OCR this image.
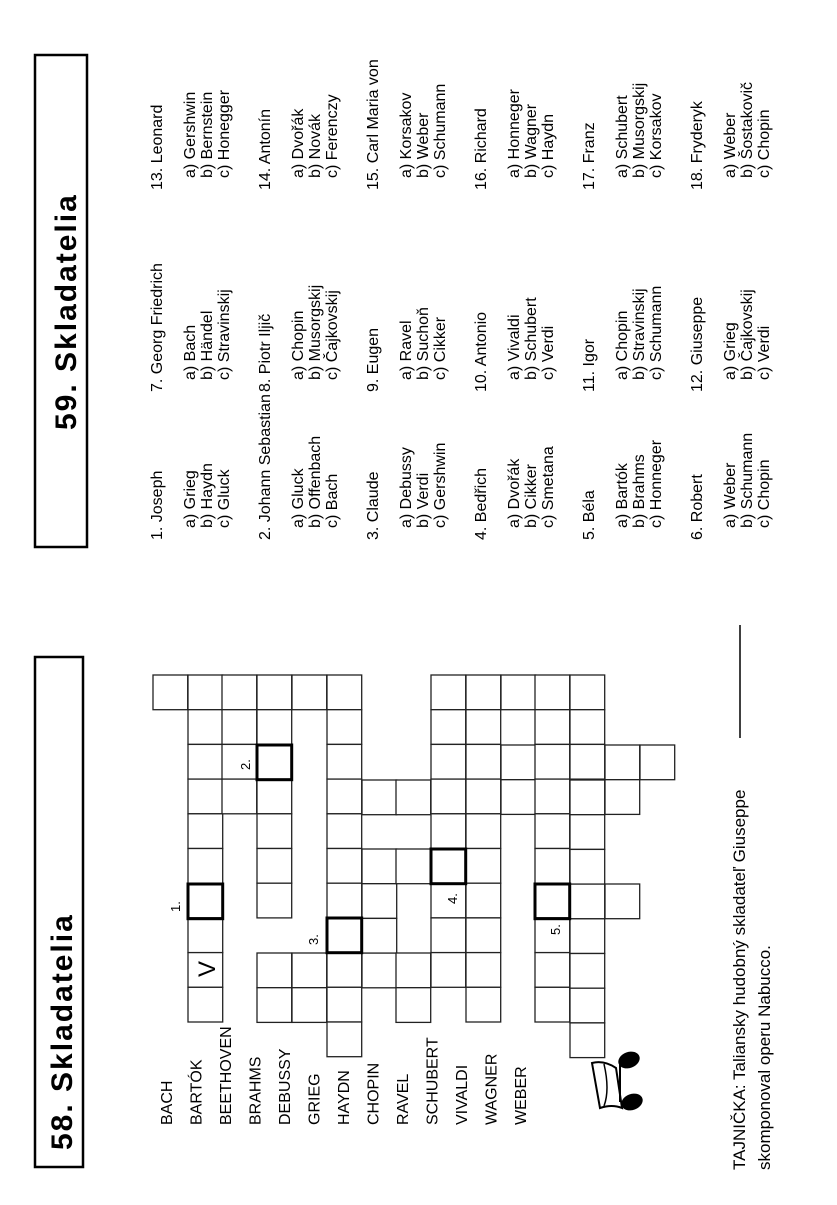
58. Skladatelia	BACH BARTÓK BEETHOVEN BRAHMS DEBUSSY GRIEG HAYDN CHOPIN RAVEL SCHUBERT VIVALDI WAGNER WEBER
V
1.
2.
3.
4.
5.	TAJNIČKA: Taliansky hudobný skladateľ Giuseppe skomponoval operu Nabucco.
59. Skladatelia
1. Joseph a) Grieg b) Haydn c) Gluck
2. Johann Sebastian a) Gluck b) Offenbach c) Bach
3. Claude a) Debussy b) Verdi c) Gershwin
4. Bedřich a) Dvořák b) Cikker c) Smetana
5. Béla a) Bartók b) Brahms c) Honneger
6. Robert a) Weber b) Schumann c) Chopin
7. Georg Friedrich a) Bach b) Händel c) Stravinskij
8. Piotr Iljič a) Chopin b) Musorgskij c) Čajkovskij
9. Eugen a) Ravel b) Suchoň c) Cikker
10. Antonio a) Vivaldi b) Schubert c) Verdi
11. Igor a) Chopin b) Stravinskij c) Schumann
12. Giuseppe a) Grieg b) Čajkovskij c) Verdi
13. Leonard a) Gershwin b) Bernstein c) Honegger
14. Antonín a) Dvořák b) Novák c) Ferenczy
15. Carl Maria von a) Korsakov b) Weber c) Schumann
16. Richard a) Honneger b) Wagner c) Haydn
17. Franz a) Schubert b) Musorgskij c) Korsakov
18. Fryderyk a) Weber b) Šostakovič c) Chopin
